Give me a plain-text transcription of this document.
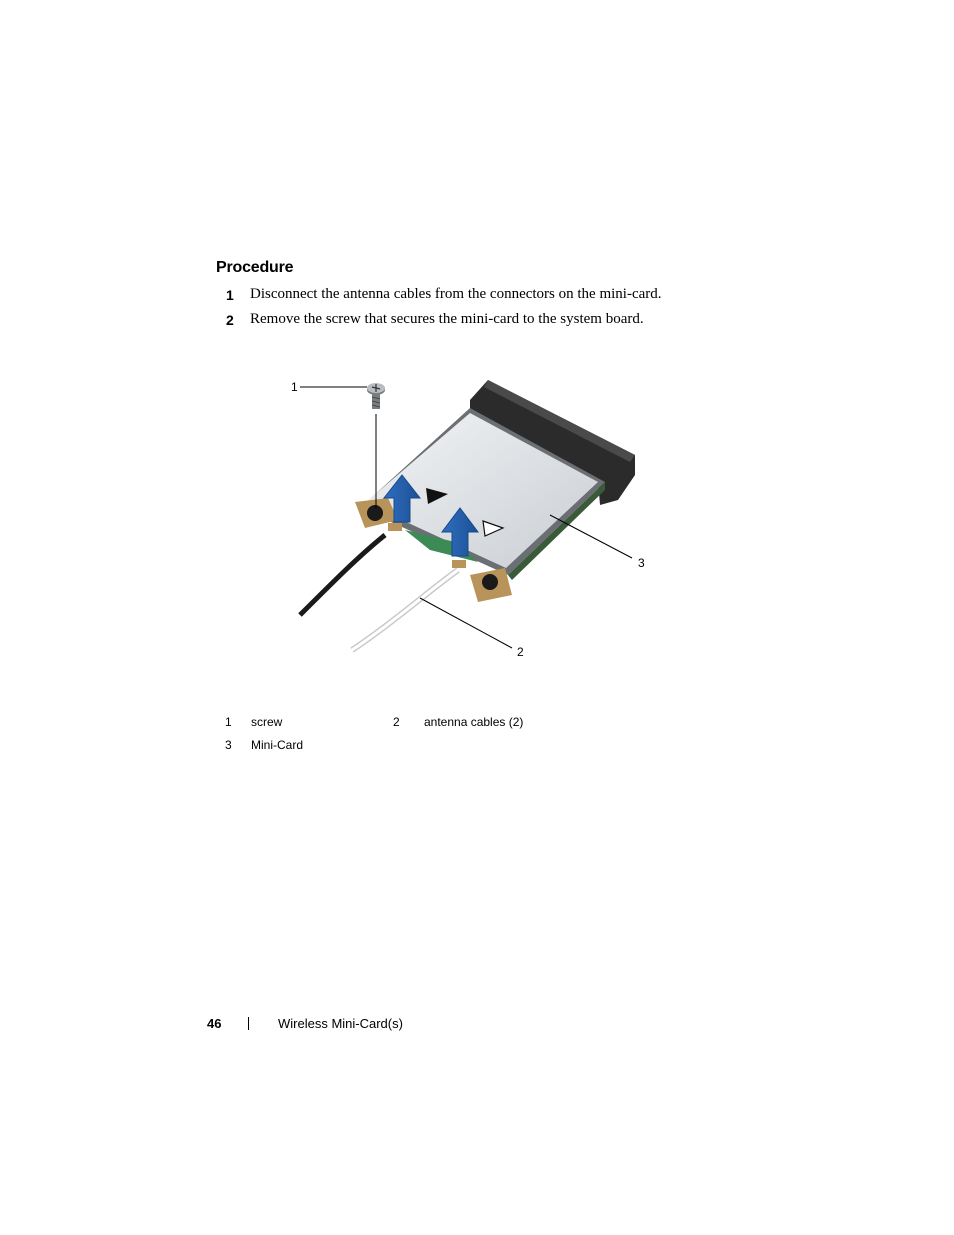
Procedure
1 Disconnect the antenna cables from the connectors on the mini-card.
2 Remove the screw that secures the mini-card to the system board.
1
2
3
1 screw	2 antenna cables (2)
3 Mini-Card
46	Wireless Mini-Card(s)
